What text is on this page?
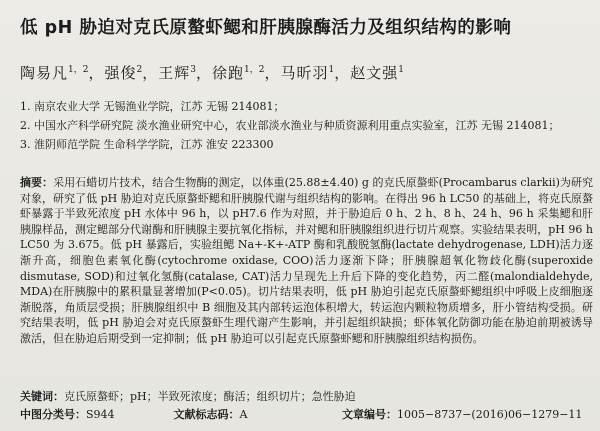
低 pH 胁迫对克氏原螯虾鳃和肝胰腺酶活力及组织结构的影响
陶易凡$^{1,2}$，强俊$^2$，王辉$^3$，徐跑$^{1,2}$，马昕羽$^1$，赵文强$^1$
1. 南京农业大学 无锡渔业学院，江苏 无锡 214081；
2. 中国水产科学研究院 淡水渔业研究中心，农业部淡水渔业与种质资源利用重点实验室，江苏 无锡 214081；
3. 淮阴师范学院 生命科学学院，江苏 淮安 223300
摘要：采用石蜡切片技术，结合生物酶的测定，以体重(25.88±4.40) g 的克氏原螯虾(Procambarus clarkii)为研究对象，研究了低 pH 胁迫对克氏原螯虾鳃和肝胰腺代谢与组织结构的影响。在得出 96 h LC50 的基础上，将克氏原螯虾暴露于半致死浓度 pH 水体中 96 h，以 pH7.6 作为对照，并于胁迫后 0 h、2 h、8 h、24 h、96 h 采集鳃和肝胰腺样品，测定鳃部分代谢酶和肝胰腺主要抗氧化指标，并对鳃和肝胰腺组织进行切片观察。实验结果表明，pH 96 h LC50 为 3.675。低 pH 暴露后，实验组鳃 Na+-K+-ATP 酶和乳酸脱氢酶(lactate dehydrogenase, LDH)活力逐渐升高，细胞色素氧化酶(cytochrome oxidase, COO)活力逐渐下降；肝胰腺超氧化物歧化酶(superoxide dismutase, SOD)和过氧化氢酶(catalase, CAT)活力呈现先上升后下降的变化趋势，丙二醛(malondialdehyde, MDA)在肝胰腺中的累积量显著增加(P<0.05)。切片结果表明，低 pH 胁迫引起克氏原螯虾鳃组织中呼吸上皮细胞逐渐脱落，角质层受损；肝胰腺组织中 B 细胞及其内部转运泡体积增大，转运泡内颗粒物质增多，肝小管结构受损。研究结果表明，低 pH 胁迫会对克氏原螯虾生理代谢产生影响，并引起组织缺损；虾体氧化防御功能在胁迫前期被诱导激活，但在胁迫后期受到一定抑制；低 pH 胁迫可以引起克氏原螯虾鳃和肝胰腺组织结构损伤。
关键词：克氏原螯虾；pH；半致死浓度；酶活；组织切片；急性胁迫
中图分类号：S944	文献标志码：A	文章编号：1005−8737−(2016)06−1279−11
